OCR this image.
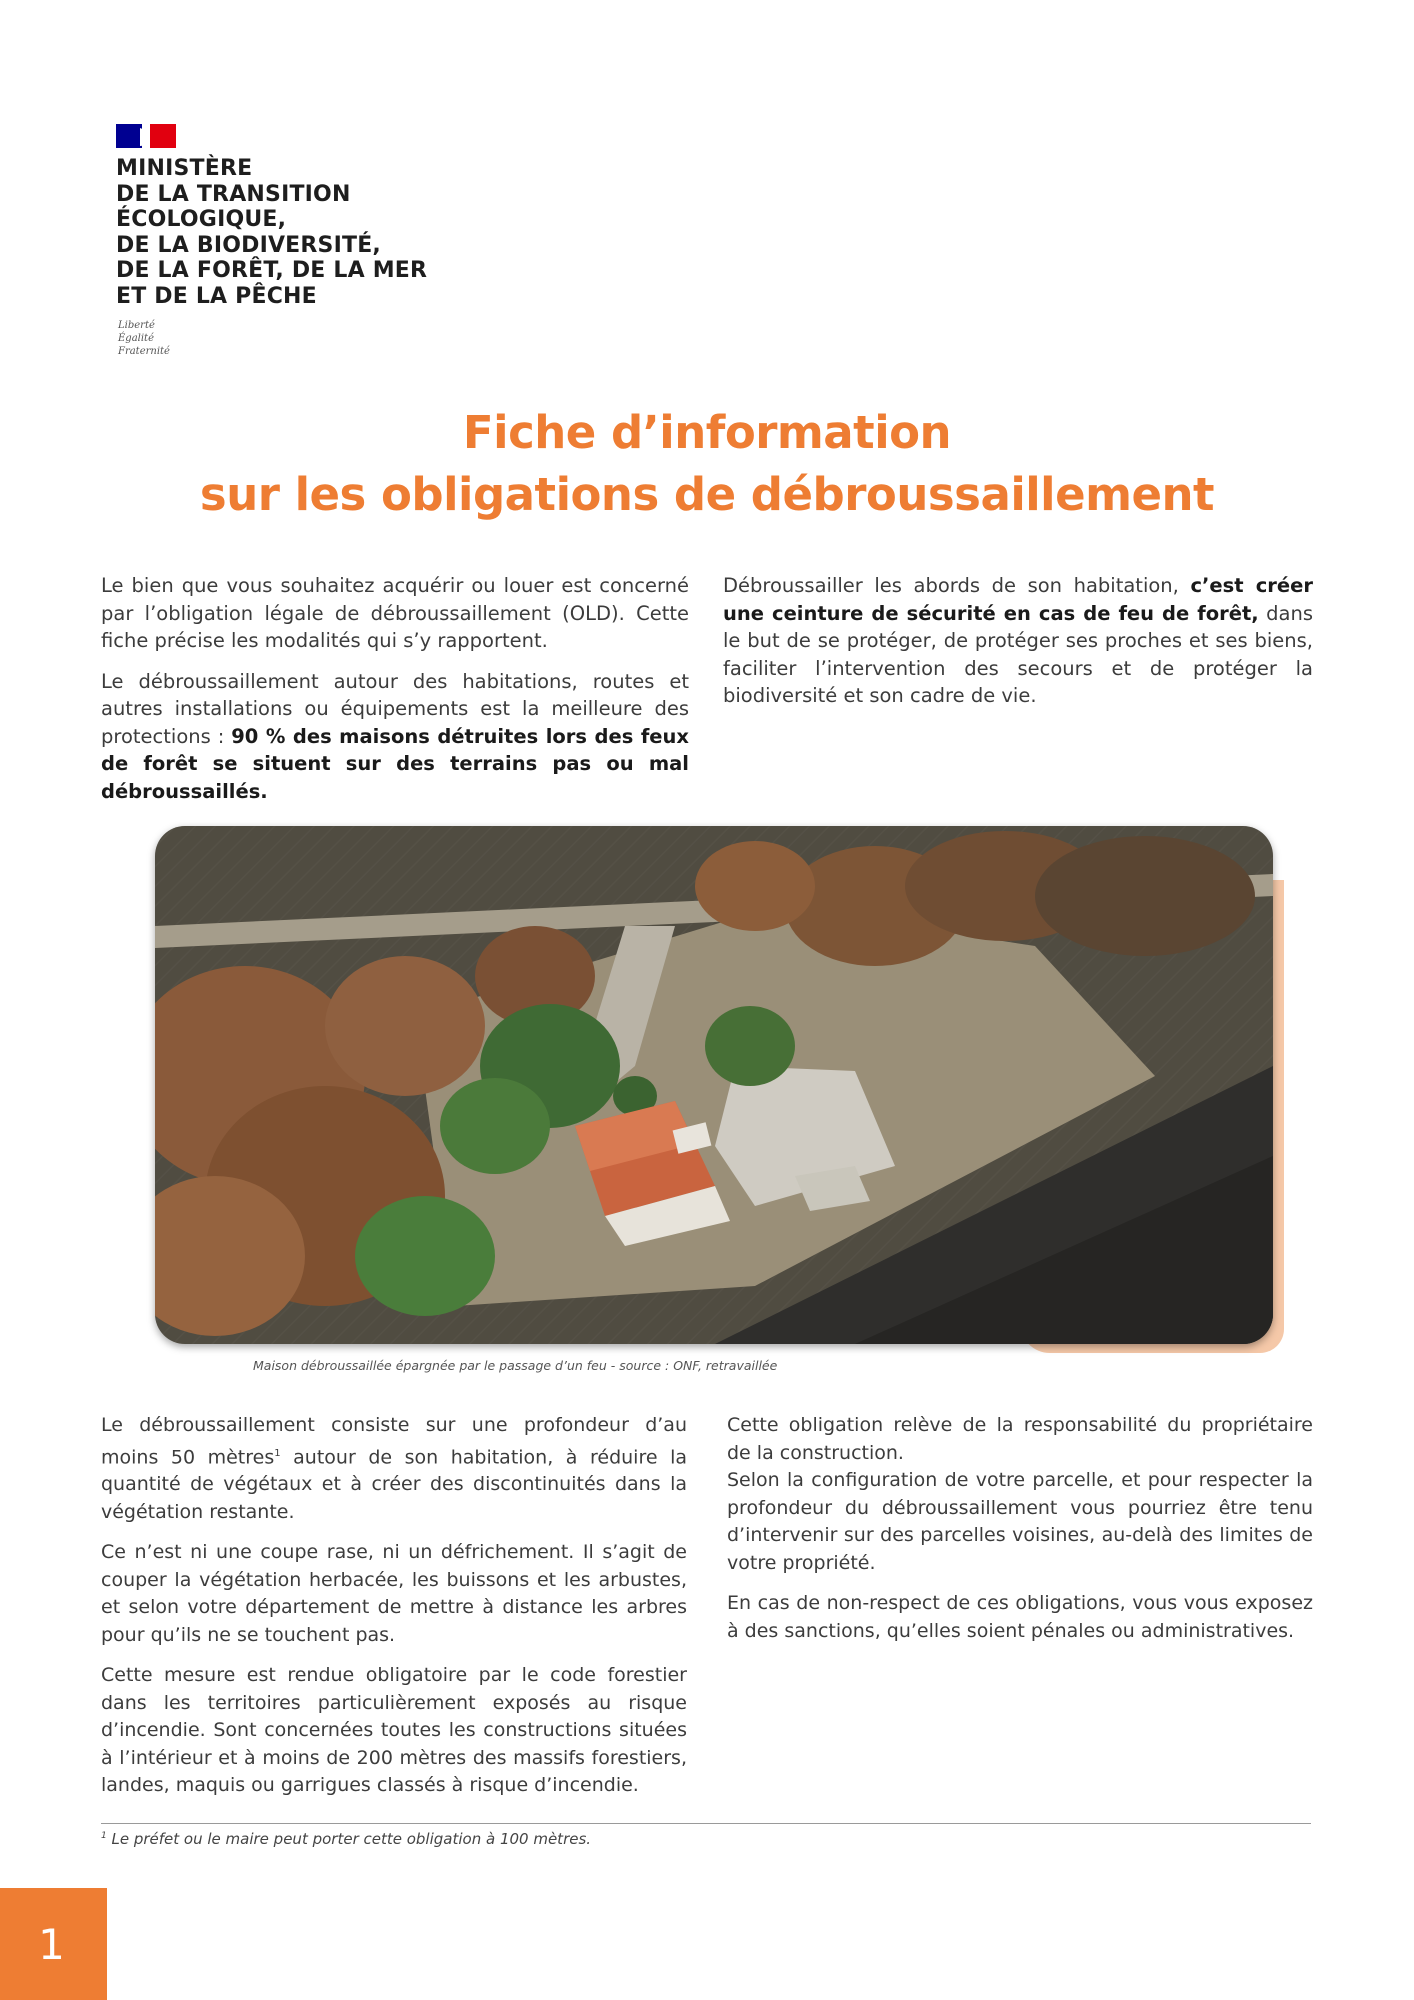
MINISTÈRE
DE LA TRANSITION
ÉCOLOGIQUE,
DE LA BIODIVERSITÉ,
DE LA FORÊT, DE LA MER
ET DE LA PÊCHE
Liberté
Égalité
Fraternité
Fiche d’information
sur les obligations de débroussaillement

Le bien que vous souhaitez acquérir ou louer est concerné par l’obligation légale de débroussaillement (OLD). Cette fiche précise les modalités qui s’y rapportent.

Le débroussaillement autour des habitations, routes et autres installations ou équipements est la meilleure des protections : 90 % des maisons détruites lors des feux de forêt se situent sur des terrains pas ou mal débroussaillés.

Débroussailler les abords de son habitation, c’est créer une ceinture de sécurité en cas de feu de forêt, dans le but de se protéger, de protéger ses proches et ses biens, faciliter l’intervention des secours et de protéger la biodiversité et son cadre de vie.

Maison débroussaillée épargnée par le passage d’un feu - source : ONF, retravaillée

Le débroussaillement consiste sur une profondeur d’au moins 50 mètres$^1$ autour de son habitation, à réduire la quantité de végétaux et à créer des discontinuités dans la végétation restante.

Ce n’est ni une coupe rase, ni un défrichement. Il s’agit de couper la végétation herbacée, les buissons et les arbustes, et selon votre département de mettre à distance les arbres pour qu’ils ne se touchent pas.

Cette mesure est rendue obligatoire par le code forestier dans les territoires particulièrement exposés au risque d’incendie. Sont concernées toutes les constructions situées à l’intérieur et à moins de 200 mètres des massifs forestiers, landes, maquis ou garrigues classés à risque d’incendie.

Cette obligation relève de la responsabilité du propriétaire de la construction.
Selon la configuration de votre parcelle, et pour respecter la profondeur du débroussaillement vous pourriez être tenu d’intervenir sur des parcelles voisines, au-delà des limites de votre propriété.

En cas de non-respect de ces obligations, vous vous exposez à des sanctions, qu’elles soient pénales ou administratives.

$^1$ Le préfet ou le maire peut porter cette obligation à 100 mètres.

1
